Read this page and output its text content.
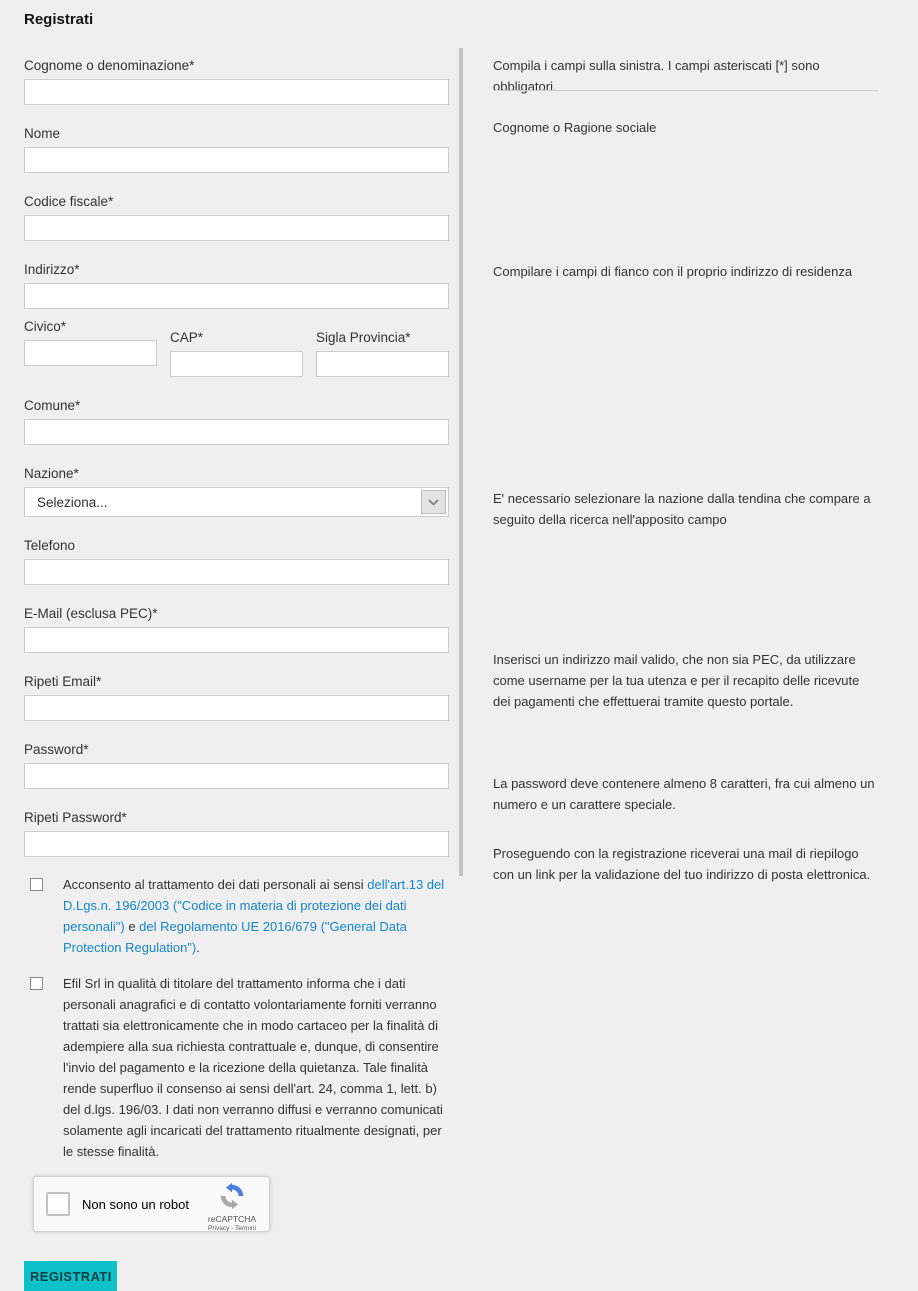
Registrati
Cognome o denominazione*
Nome
Codice fiscale*
Indirizzo*
Civico*
CAP*	Sigla Provincia*
Comune*
Nazione*
Seleziona...
Telefono
E-Mail (esclusa PEC)*
Ripeti Email*
Password*
Ripeti Password*
Acconsento al trattamento dei dati personali ai sensi dell'art.13 del D.Lgs.n. 196/2003 ("Codice in materia di protezione dei dati personali") e del Regolamento UE 2016/679 ("General Data Protection Regulation").
Efil Srl in qualità di titolare del trattamento informa che i dati personali anagrafici e di contatto volontariamente forniti verranno trattati sia elettronicamente che in modo cartaceo per la finalità di adempiere alla sua richiesta contrattuale e, dunque, di consentire l'invio del pagamento e la ricezione della quietanza. Tale finalità rende superfluo il consenso ai sensi dell'art. 24, comma 1, lett. b) del d.lgs. 196/03. I dati non verranno diffusi e verranno comunicati solamente agli incaricati del trattamento ritualmente designati, per le stesse finalità.
Non sono un robot
reCAPTCHA
Privacy - Termini
REGISTRATI
Compila i campi sulla sinistra. I campi asteriscati [*] sono obbligatori.
Cognome o Ragione sociale
Compilare i campi di fianco con il proprio indirizzo di residenza
E' necessario selezionare la nazione dalla tendina che compare a seguito della ricerca nell'apposito campo
Inserisci un indirizzo mail valido, che non sia PEC, da utilizzare come username per la tua utenza e per il recapito delle ricevute dei pagamenti che effettuerai tramite questo portale.
La password deve contenere almeno 8 caratteri, fra cui almeno un numero e un carattere speciale.
Proseguendo con la registrazione riceverai una mail di riepilogo con un link per la validazione del tuo indirizzo di posta elettronica.
